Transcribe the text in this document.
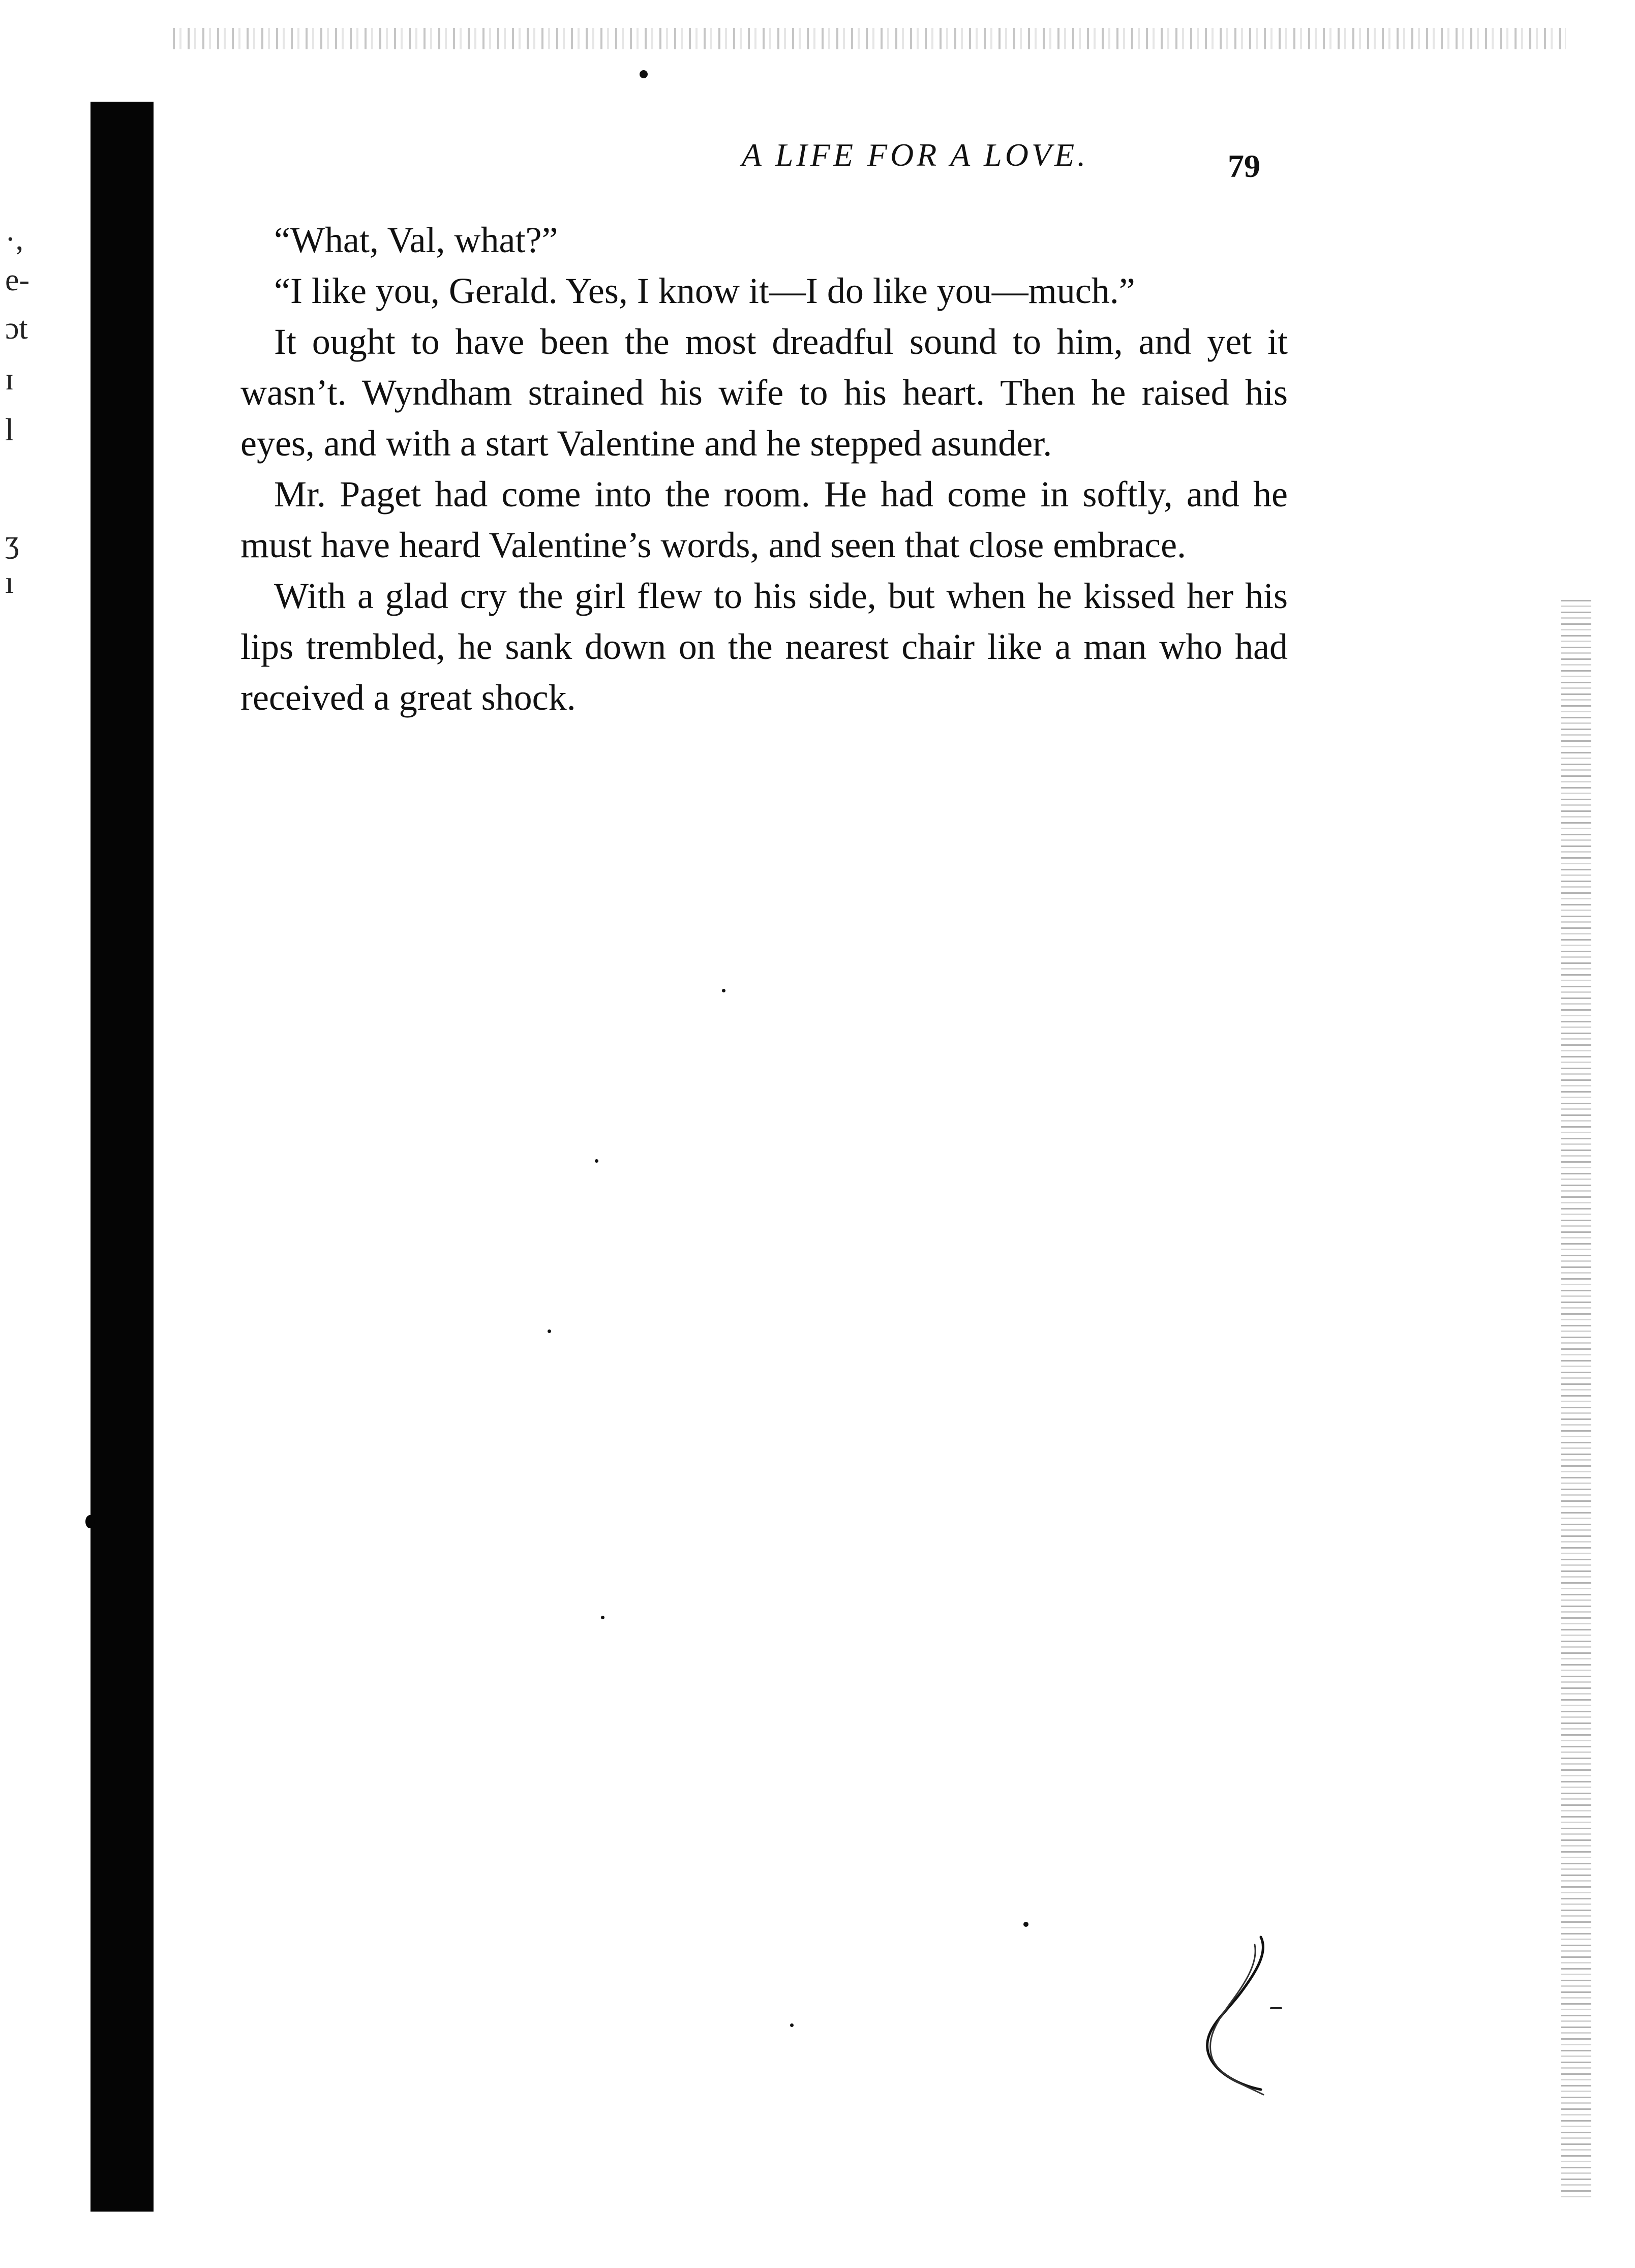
·,
e-
ɔt
ɪ
l
ʒ
ı
A LIFE FOR A LOVE.	79

“What, Val, what?”

“I like you, Gerald. Yes, I know it—I do like you—much.”

It ought to have been the most dreadful sound to him, and yet it wasn’t. Wyndham strained his wife to his heart. Then he raised his eyes, and with a start Valentine and he stepped asunder.

Mr. Paget had come into the room. He had come in softly, and he must have heard Valentine’s words, and seen that close embrace.

With a glad cry the girl flew to his side, but when he kissed her his lips trembled, he sank down on the nearest chair like a man who had received a great shock.
